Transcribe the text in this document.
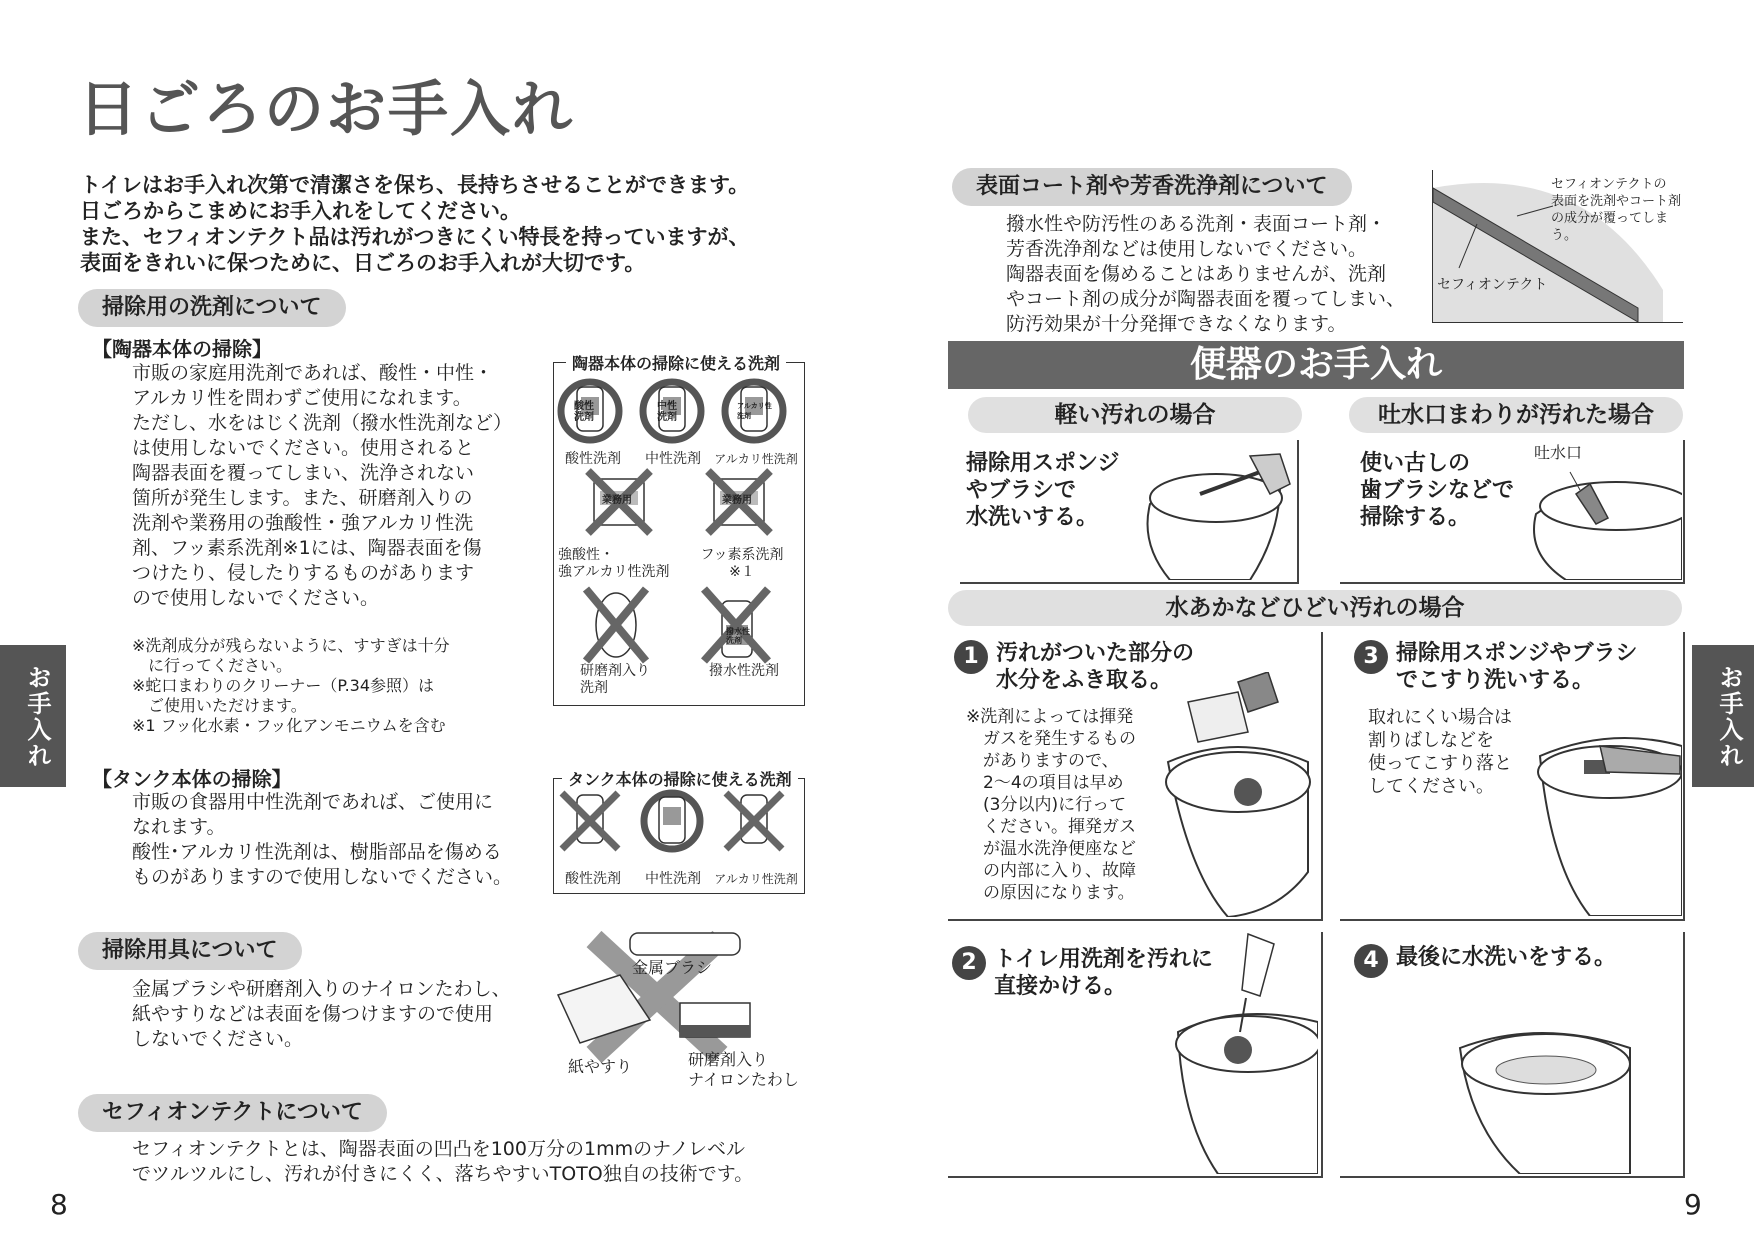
日ごろのお手入れ
トイレはお手入れ次第で清潔さを保ち、長持ちさせることができます。
日ごろからこまめにお手入れをしてください。
また、セフィオンテクト品は汚れがつきにくい特長を持っていますが、
表面をきれいに保つために、日ごろのお手入れが大切です。
掃除用の洗剤について
【陶器本体の掃除】
市販の家庭用洗剤であれば、酸性・中性・
アルカリ性を問わずご使用になれます。
ただし、水をはじく洗剤（撥水性洗剤など）
は使用しないでください。使用されると
陶器表面を覆ってしまい、洗浄されない
箇所が発生します。また、研磨剤入りの
洗剤や業務用の強酸性・強アルカリ性洗
剤、フッ素系洗剤※1には、陶器表面を傷
つけたり、侵したりするものがあります
ので使用しないでください。
※洗剤成分が残らないように、すすぎは十分
　に行ってください。
※蛇口まわりのクリーナー（P.34参照）は
　ご使用いただけます。
※1 フッ化水素・フッ化アンモニウムを含む
陶器本体の掃除に使える洗剤
酸性
洗剤
中性
洗剤
アルカリ性
洗剤
酸性洗剤	中性洗剤	アルカリ性洗剤
業務用	業務用
強酸性・
強アルカリ性洗剤
フッ素系洗剤
※１
撥水性
洗剤
研磨剤入り
洗剤
撥水性洗剤
【タンク本体の掃除】
市販の食器用中性洗剤であれば、ご使用に
なれます。
酸性･アルカリ性洗剤は、樹脂部品を傷める
ものがありますので使用しないでください。
タンク本体の掃除に使える洗剤
酸性洗剤	中性洗剤	アルカリ性洗剤
掃除用具について
金属ブラシや研磨剤入りのナイロンたわし、
紙やすりなどは表面を傷つけますので使用
しないでください。
金属ブラシ
紙やすり	研磨剤入り
ナイロンたわし
セフィオンテクトについて
セフィオンテクトとは、陶器表面の凹凸を100万分の1mmのナノレベル
でツルツルにし、汚れが付きにくく、落ちやすいTOTO独自の技術です。
お手入れ
8
表面コート剤や芳香洗浄剤について
撥水性や防汚性のある洗剤・表面コート剤・
芳香洗浄剤などは使用しないでください。
陶器表面を傷めることはありませんが、洗剤
やコート剤の成分が陶器表面を覆ってしまい、
防汚効果が十分発揮できなくなります。
セフィオンテクトの
表面を洗剤やコート剤
の成分が覆ってしまう。
セフィオンテクト
便器のお手入れ
軽い汚れの場合
掃除用スポンジ
やブラシで
水洗いする。
吐水口まわりが汚れた場合
使い古しの
歯ブラシなどで
掃除する。
吐水口
水あかなどひどい汚れの場合
1 汚れがついた部分の
水分をふき取る。
※洗剤によっては揮発
　ガスを発生するもの
　がありますので、
　2〜4の項目は早め
　(3分以内)に行って
　ください。揮発ガス
　が温水洗浄便座など
　の内部に入り、故障
　の原因になります。
3 掃除用スポンジやブラシ
でこすり洗いする。
取れにくい場合は
割りばしなどを
使ってこすり落と
してください。
2 トイレ用洗剤を汚れに
直接かける。
4 最後に水洗いをする。
お手入れ
9
